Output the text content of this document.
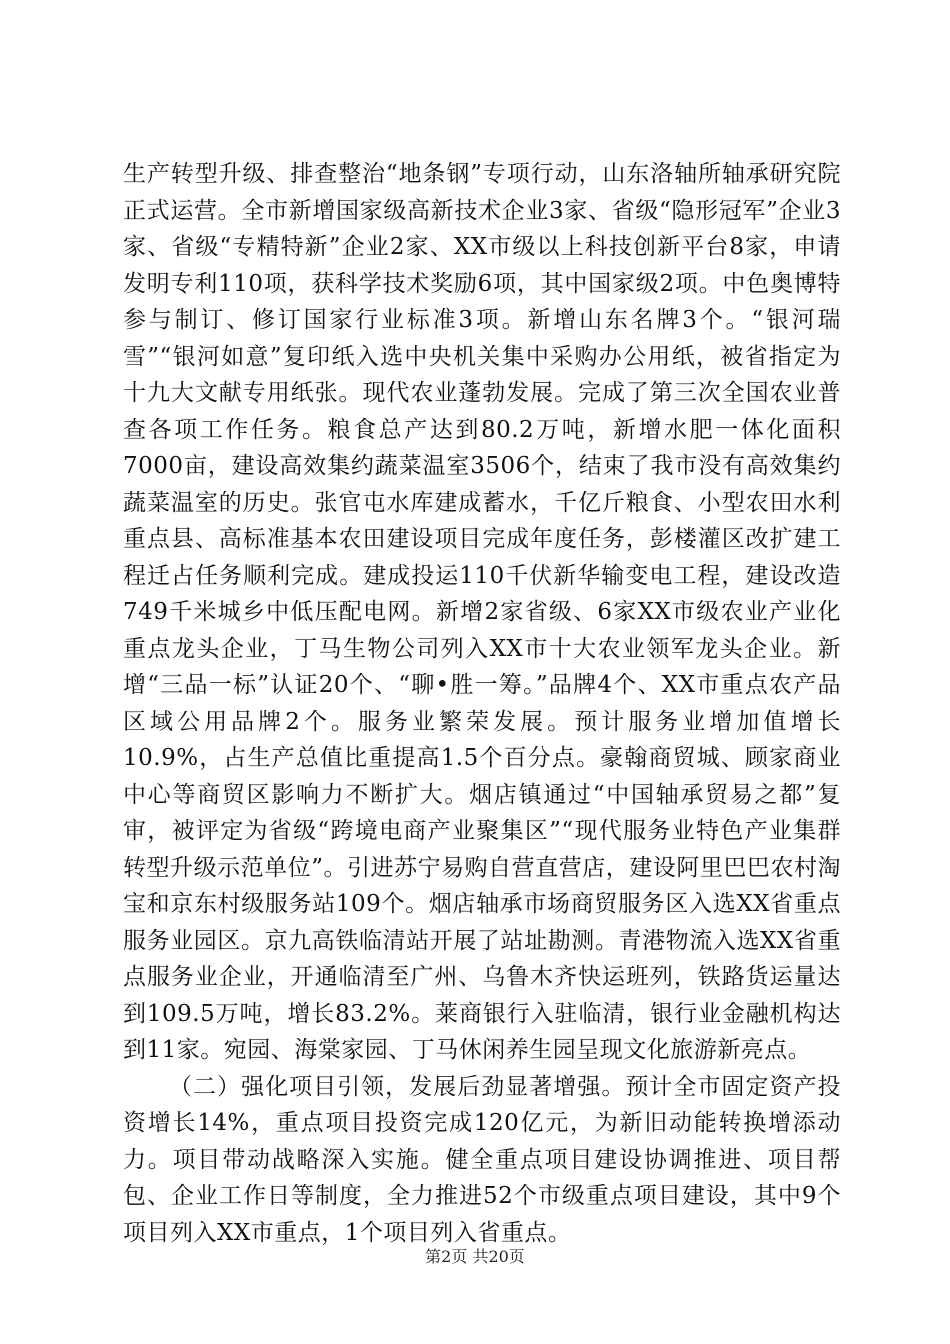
生产转型升级、排查整治“地条钢”专项行动，山东洛轴所轴承研究院正式运营。全市新增国家级高新技术企业3家、省级“隐形冠军”企业3家、省级“专精特新”企业2家、XX市级以上科技创新平台8家，申请发明专利110项，获科学技术奖励6项，其中国家级2项。中色奥博特参与制订、修订国家行业标准3项。新增山东名牌3个。“银河瑞雪”“银河如意”复印纸入选中央机关集中采购办公用纸，被省指定为十九大文献专用纸张。现代农业蓬勃发展。完成了第三次全国农业普查各项工作任务。粮食总产达到80.2万吨，新增水肥一体化面积7000亩，建设高效集约蔬菜温室3506个，结束了我市没有高效集约蔬菜温室的历史。张官屯水库建成蓄水，千亿斤粮食、小型农田水利重点县、高标准基本农田建设项目完成年度任务，彭楼灌区改扩建工程迁占任务顺利完成。建成投运110千伏新华输变电工程，建设改造749千米城乡中低压配电网。新增2家省级、6家XX市级农业产业化重点龙头企业，丁马生物公司列入XX市十大农业领军龙头企业。新增“三品一标”认证20个、“聊•胜一筹。”品牌4个、XX市重点农产品区域公用品牌2个。服务业繁荣发展。预计服务业增加值增长10.9%，占生产总值比重提高1.5个百分点。豪翰商贸城、顾家商业中心等商贸区影响力不断扩大。烟店镇通过“中国轴承贸易之都”复审，被评定为省级“跨境电商产业聚集区”“现代服务业特色产业集群转型升级示范单位”。引进苏宁易购自营直营店，建设阿里巴巴农村淘宝和京东村级服务站109个。烟店轴承市场商贸服务区入选XX省重点服务业园区。京九高铁临清站开展了站址勘测。青港物流入选XX省重点服务业企业，开通临清至广州、乌鲁木齐快运班列，铁路货运量达到109.5万吨，增长83.2%。莱商银行入驻临清，银行业金融机构达到11家。宛园、海棠家园、丁马休闲养生园呈现文化旅游新亮点。

（二）强化项目引领，发展后劲显著增强。预计全市固定资产投资增长14%，重点项目投资完成120亿元，为新旧动能转换增添动力。项目带动战略深入实施。健全重点项目建设协调推进、项目帮包、企业工作日等制度，全力推进52个市级重点项目建设，其中9个项目列入XX市重点，1个项目列入省重点。

第2页 共20页
